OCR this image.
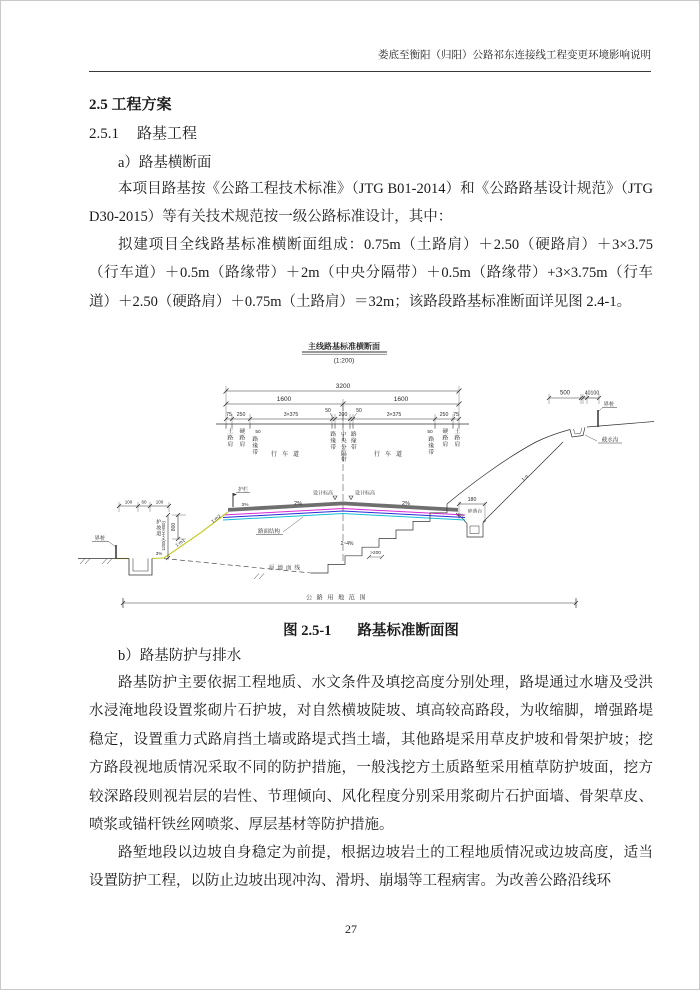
娄底至衡阳（归阳）公路祁东连接线工程变更环境影响说明
2.5 工程方案
2.5.1 路基工程
a）路基横断面
本项目路基按《公路工程技术标准》（JTG B01-2014）和《公路路基设计规范》（JTG D30-2015）等有关技术规范按一级公路标准设计，其中：
拟建项目全线路基标准横断面组成：0.75m（土路肩）＋2.50（硬路肩）＋3×3.75（行车道）＋0.5m（路缘带）＋2m（中央分隔带）＋0.5m（路缘带）+3×3.75m（行车道）＋2.50（硬路肩）＋0.75m（土路肩）＝32m；该路段路基标准断面详见图 2.4-1。
主线路基标准横断面
(1:200)
3200
1600	1600
75 250	3×375
50
200
50
3×375	250 75
50	50
500	40100
界桩
截水沟
1:n
180
碎落台
4%
设计标高	设计标高
2%	2%
护栏
3%
路面结构
1:m2
1:m1
800
1200(A+H>800)
100 60 100
3%
界桩
原地面线
2~4%
>200
公路用地范围
土路肩 硬路肩 路缘带 行车道
路缘带 中央分隔带 路缘带
行车道	路缘带 硬路肩 土路肩
护坡道
图 2.5-1 路基标准断面图
b）路基防护与排水
路基防护主要依据工程地质、水文条件及填挖高度分别处理，路堤通过水塘及受洪水浸淹地段设置浆砌片石护坡，对自然横坡陡坡、填高较高路段，为收缩脚，增强路堤稳定，设置重力式路肩挡土墙或路堤式挡土墙，其他路堤采用草皮护坡和骨架护坡；挖方路段视地质情况采取不同的防护措施，一般浅挖方土质路堑采用植草防护坡面，挖方较深路段则视岩层的岩性、节理倾向、风化程度分别采用浆砌片石护面墙、骨架草皮、喷浆或锚杆铁丝网喷浆、厚层基材等防护措施。
路堑地段以边坡自身稳定为前提，根据边坡岩土的工程地质情况或边坡高度，适当设置防护工程，以防止边坡出现冲沟、滑坍、崩塌等工程病害。为改善公路沿线环
27
